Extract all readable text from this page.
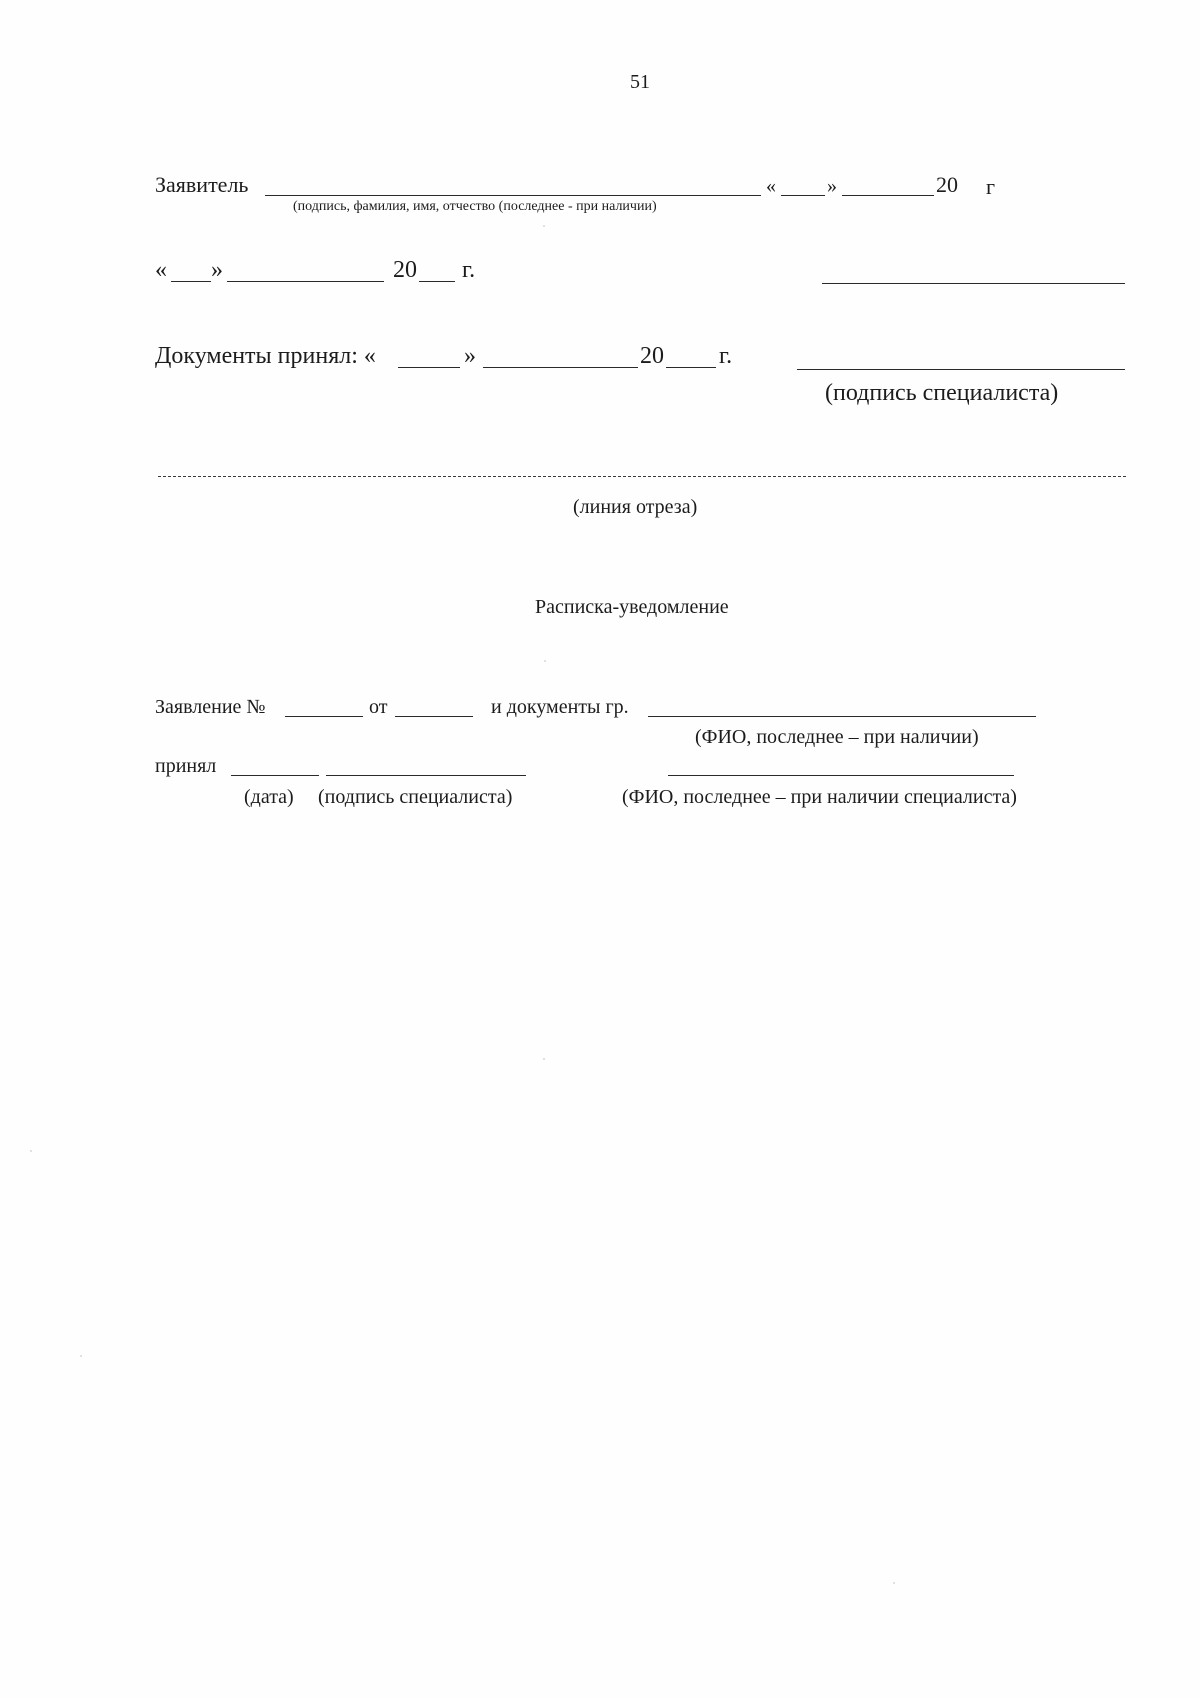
51
Заявитель
(подпись, фамилия, имя, отчество (последнее - при наличии)
«	»	20 г
« »	20 г.
Документы принял: «	»	20 г.
(подпись специалиста)
(линия отреза)
Расписка-уведомление
Заявление №	от	и документы гр.
(ФИО, последнее – при наличии)
принял
(дата) (подпись специалиста)	(ФИО, последнее – при наличии специалиста)
